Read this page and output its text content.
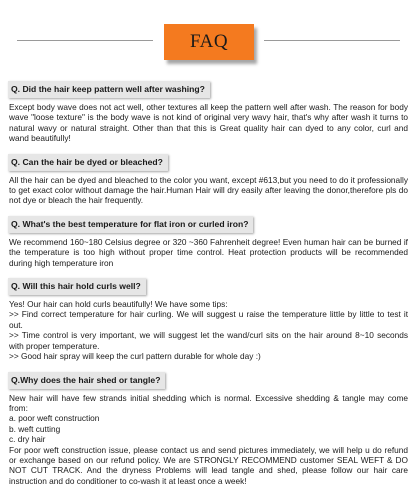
FAQ
Q. Did the hair keep pattern well after washing?

Except body wave does not act well, other textures all keep the pattern well after wash. The reason for body wave "loose texture" is the body wave is not kind of original very wavy hair, that's why after wash it turns to natural wavy or natural straight. Other than that this is Great quality hair can dyed to any color, curl and wand beautifully!

Q. Can the hair be dyed or bleached?

All the hair can be dyed and bleached to the color you want, except #613,but you need to do it professionally to get exact color without damage the hair.Human Hair will dry easily after leaving the donor,therefore pls do not dye or bleach the hair frequently.

Q. What's the best temperature for flat iron or curled iron?

We recommend 160~180 Celsius degree or 320 ~360 Fahrenheit degree! Even human hair can be burned if the temperature is too high without proper time control. Heat protection products will be recommended during high temperature iron

Q. Will this hair hold curls well?

Yes! Our hair can hold curls beautifully! We have some tips:

>> Find correct temperature for hair curling. We will suggest u raise the temperature little by little to test it out.

>> Time control is very important, we will suggest let the wand/curl sits on the hair around 8~10 seconds with proper temperature.

>> Good hair spray will keep the curl pattern durable for whole day :)

Q.Why does the hair shed or tangle?

New hair will have few strands initial shedding which is normal. Excessive shedding & tangle may come from:

a. poor weft construction

b. weft cutting

c. dry hair

For poor weft construction issue, please contact us and send pictures immediately, we will help u do refund or exchange based on our refund policy. We are STRONGLY RECOMMEND customer SEAL WEFT & DO NOT CUT TRACK. And the dryness Problems will lead tangle and shed, please follow our hair care instruction and do conditioner to co-wash it at least once a week!
